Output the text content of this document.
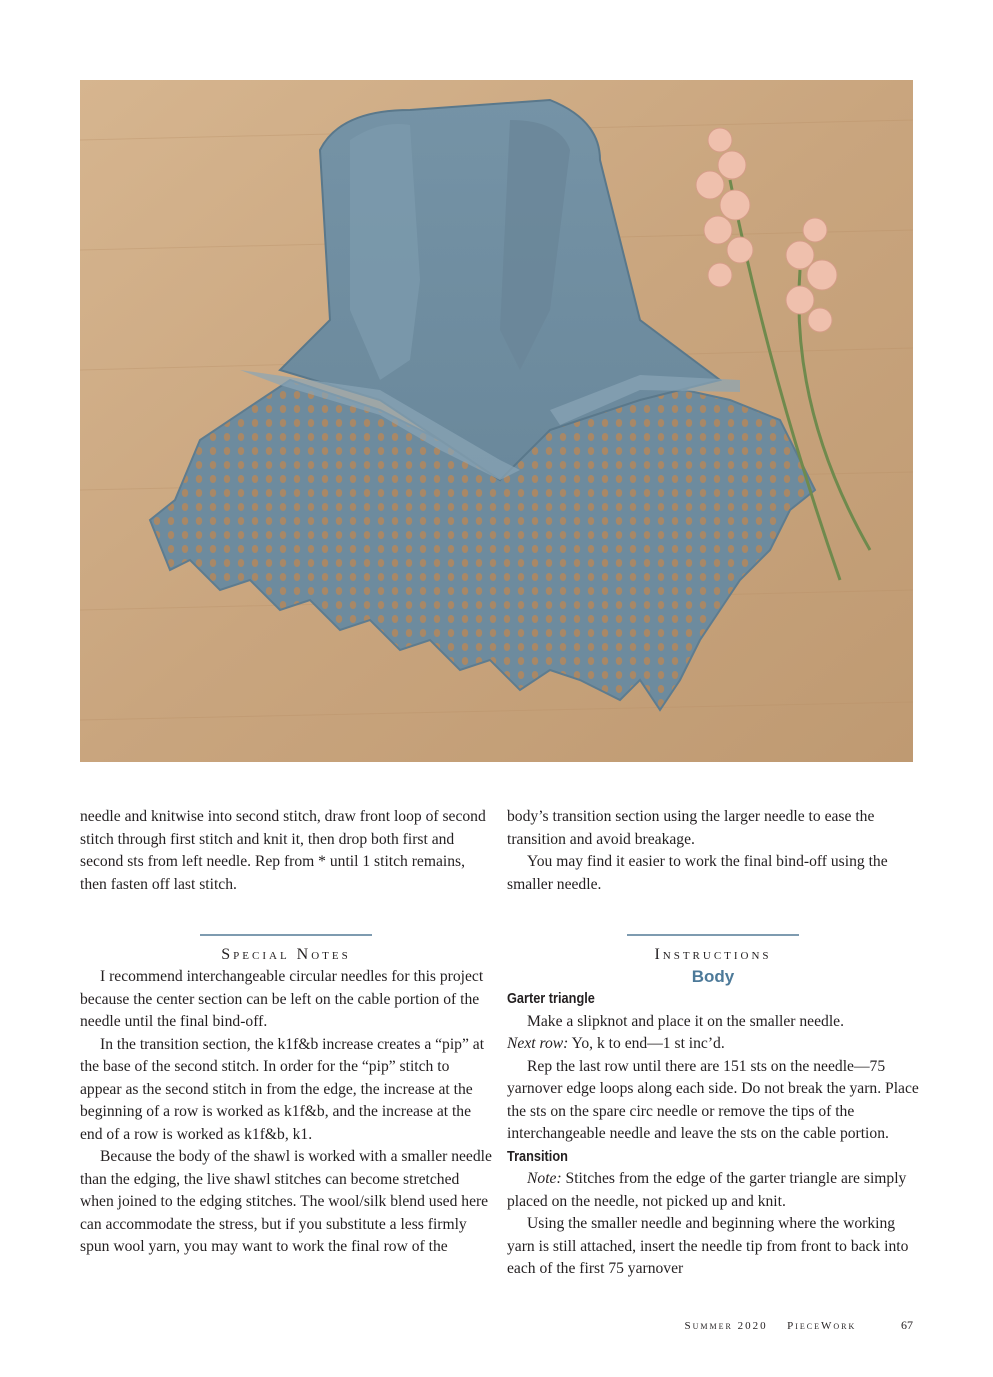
needle and knitwise into second stitch, draw front loop of second stitch through first stitch and knit it, then drop both first and second sts from left needle. Rep from * until 1 stitch remains, then fasten off last stitch.

Special Notes

I recommend interchangeable circular needles for this project because the center section can be left on the cable portion of the needle until the final bind-off.

In the transition section, the k1f&b increase creates a “pip” at the base of the second stitch. In order for the “pip” stitch to appear as the second stitch in from the edge, the increase at the beginning of a row is worked as k1f&b, and the increase at the end of a row is worked as k1f&b, k1.

Because the body of the shawl is worked with a smaller needle than the edging, the live shawl stitches can become stretched when joined to the edging stitches. The wool/silk blend used here can accommodate the stress, but if you substitute a less firmly spun wool yarn, you may want to work the final row of the

body’s transition section using the larger needle to ease the transition and avoid breakage.

You may find it easier to work the final bind-off using the smaller needle.

Instructions
Body
Garter triangle

Make a slipknot and place it on the smaller needle.

Next row: Yo, k to end—1 st inc’d.

Rep the last row until there are 151 sts on the needle—75 yarnover edge loops along each side. Do not break the yarn. Place the sts on the spare circ needle or remove the tips of the interchangeable needle and leave the sts on the cable portion.

Transition

Note: Stitches from the edge of the garter triangle are simply placed on the needle, not picked up and knit.

Using the smaller needle and beginning where the working yarn is still attached, insert the needle tip from front to back into each of the first 75 yarnover

Summer 2020 PieceWork	67
